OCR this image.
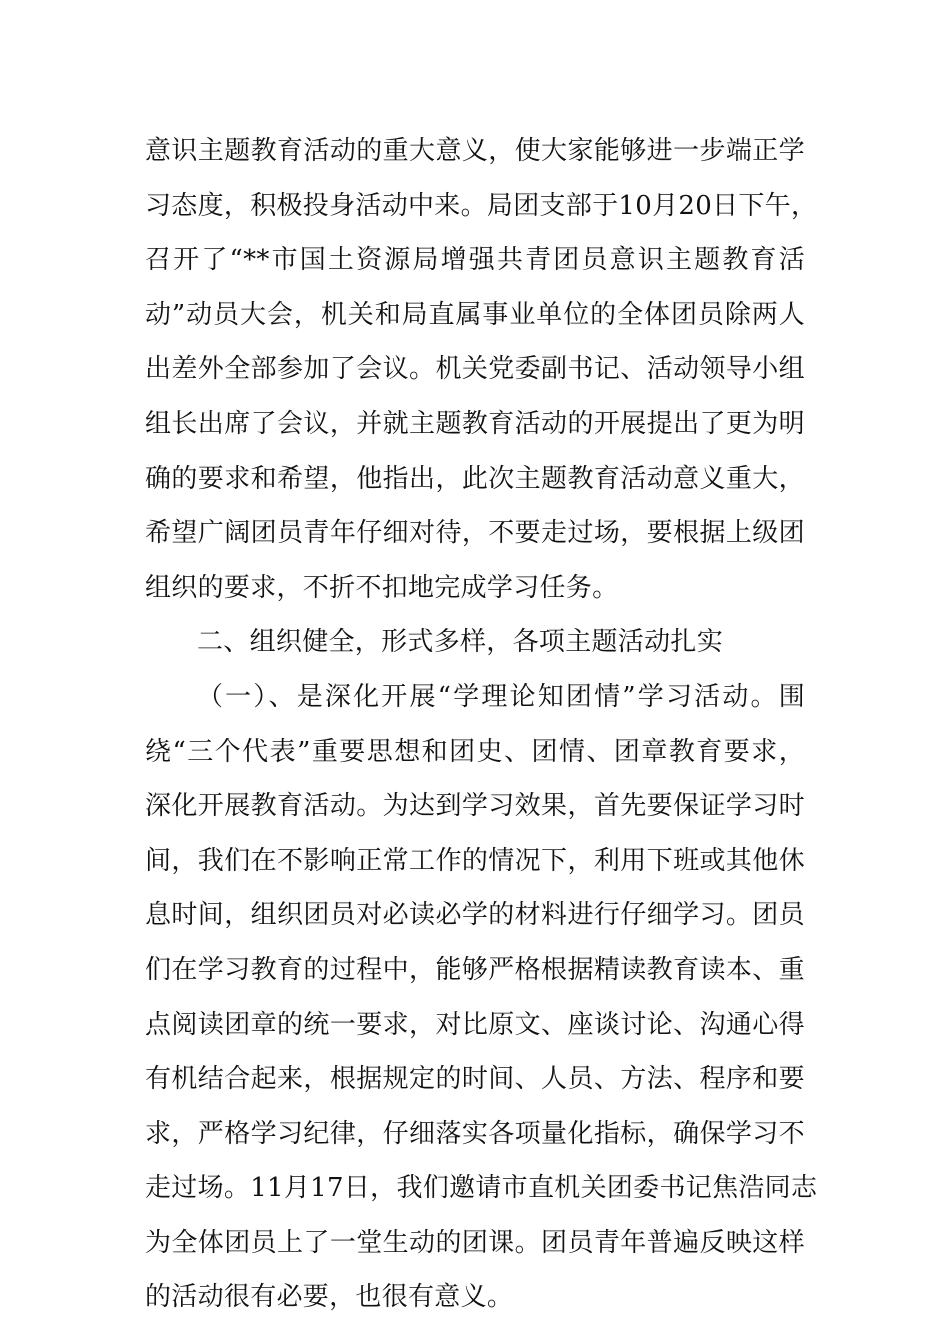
意识主题教育活动的重大意义，使大家能够进一步端正学
习态度，积极投身活动中来。局团支部于10月20日下午，
召开了“**市国土资源局增强共青团员意识主题教育活
动”动员大会，机关和局直属事业单位的全体团员除两人
出差外全部参加了会议。机关党委副书记、活动领导小组
组长出席了会议，并就主题教育活动的开展提出了更为明
确的要求和希望，他指出，此次主题教育活动意义重大，
希望广阔团员青年仔细对待，不要走过场，要根据上级团
组织的要求，不折不扣地完成学习任务。
二、组织健全，形式多样，各项主题活动扎实
（一）、是深化开展“学理论知团情”学习活动。围
绕“三个代表”重要思想和团史、团情、团章教育要求，
深化开展教育活动。为达到学习效果，首先要保证学习时
间，我们在不影响正常工作的情况下，利用下班或其他休
息时间，组织团员对必读必学的材料进行仔细学习。团员
们在学习教育的过程中，能够严格根据精读教育读本、重
点阅读团章的统一要求，对比原文、座谈讨论、沟通心得
有机结合起来，根据规定的时间、人员、方法、程序和要
求，严格学习纪律，仔细落实各项量化指标，确保学习不
走过场。11月17日，我们邀请市直机关团委书记焦浩同志
为全体团员上了一堂生动的团课。团员青年普遍反映这样
的活动很有必要，也很有意义。
